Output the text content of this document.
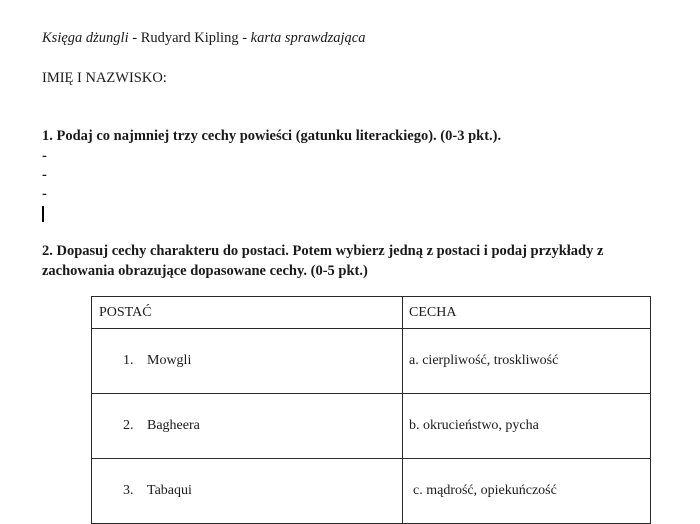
Księga dżungli - Rudyard Kipling - karta sprawdzająca
IMIĘ I NAZWISKO:
1. Podaj co najmniej trzy cechy powieści (gatunku literackiego). (0-3 pkt.).
-
-
-
2. Dopasuj cechy charakteru do postaci. Potem wybierz jedną z postaci i podaj przykłady z
zachowania obrazujące dopasowane cechy. (0-5 pkt.)
POSTAĆ	CECHA
1. Mowgli	a. cierpliwość, troskliwość
2. Bagheera	b. okrucieństwo, pycha
3. Tabaqui	c. mądrość, opiekuńczość
